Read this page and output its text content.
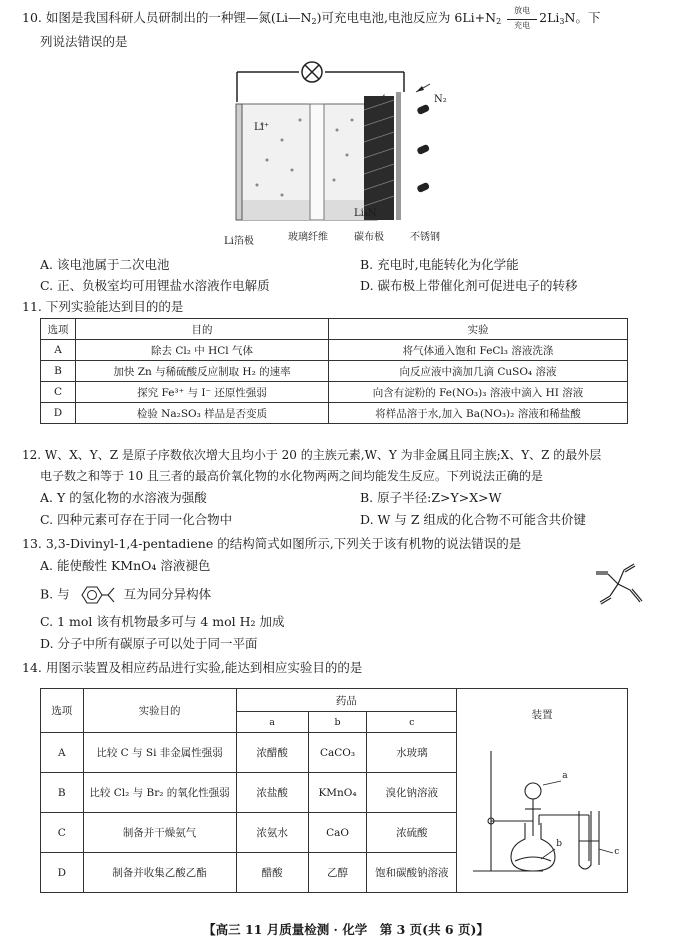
10. 如图是我国科研人员研制出的一种锂—氮$(Li—N_2)$可充电电池,电池反应为 $6Li+N_2$
放电
充电 $2Li_3N$。下
列说法错误的是
Li⁺
N₂
Li₃N
Li箔极	玻璃纤维	碳布极	不锈钢
A. 该电池属于二次电池	B. 充电时,电能转化为化学能
C. 正、负极室均可用锂盐水溶液作电解质	D. 碳布极上带催化剂可促进电子的转移
11. 下列实验能达到目的的是
选项	目的	实验
A	除去 Cl₂ 中 HCl 气体	将气体通入饱和 FeCl₃ 溶液洗涤
B	加快 Zn 与稀硫酸反应制取 H₂ 的速率	向反应液中滴加几滴 CuSO₄ 溶液
C	探究 Fe³⁺ 与 I⁻ 还原性强弱	向含有淀粉的 Fe(NO₃)₃ 溶液中滴入 HI 溶液
D	检验 Na₂SO₃ 样品是否变质	将样品溶于水,加入 Ba(NO₃)₂ 溶液和稀盐酸
12. W、X、Y、Z 是原子序数依次增大且均小于 20 的主族元素,W、Y 为非金属且同主族;X、Y、Z 的最外层
电子数之和等于 10 且三者的最高价氧化物的水化物两两之间均能发生反应。下列说法正确的是
A. Y 的氢化物的水溶液为强酸	B. 原子半径:Z>Y>X>W
C. 四种元素可存在于同一化合物中	D. W 与 Z 组成的化合物不可能含共价键
13. 3,3-Divinyl-1,4-pentadiene 的结构简式如图所示,下列关于该有机物的说法错误的是
A. 能使酸性 KMnO₄ 溶液褪色
B. 与	互为同分异构体
C. 1 mol 该有机物最多可与 4 mol H₂ 加成
D. 分子中所有碳原子可以处于同一平面
14. 用图示装置及相应药品进行实验,能达到相应实验目的的是
选项	实验目的	药品			装置
a
b
c

		a	b	c	
A	比较 C 与 Si 非金属性强弱	浓醋酸	CaCO₃	水玻璃	
B	比较 Cl₂ 与 Br₂ 的氧化性强弱	浓盐酸	KMnO₄	溴化钠溶液	
C	制备并干燥氨气	浓氨水	CaO	浓硫酸	
D	制备并收集乙酸乙酯	醋酸	乙醇	饱和碳酸钠溶液	
【高三 11 月质量检测 · 化学　第 3 页(共 6 页)】
